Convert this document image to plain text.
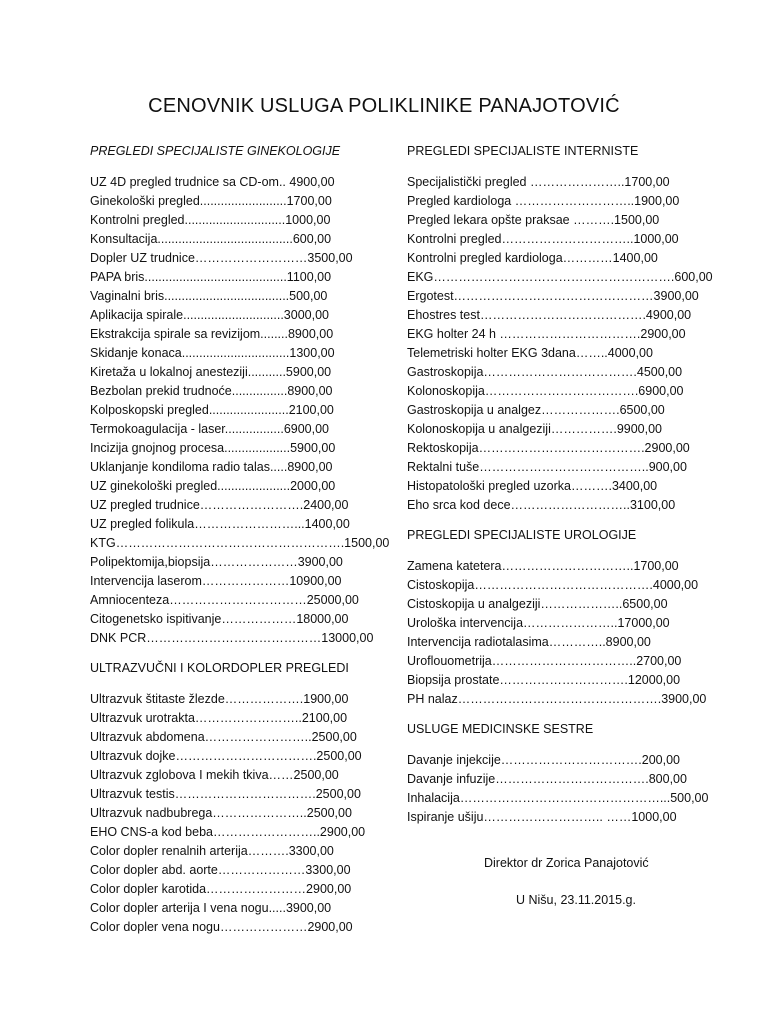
CENOVNIK USLUGA POLIKLINIKE PANAJOTOVIĆ
PREGLEDI SPECIJALISTE GINEKOLOGIJE
UZ 4D pregled trudnice sa CD-om.. 4900,00
Ginekološki pregled.........................1700,00
Kontrolni pregled.............................1000,00
Konsultacija.......................................600,00
Dopler UZ trudnice………………………3500,00
PAPA bris.........................................1100,00
Vaginalni bris....................................500,00
Aplikacija spirale.............................3000,00
Ekstrakcija spirale sa revizijom........8900,00
Skidanje konaca...............................1300,00
Kiretaža u lokalnoj anesteziji...........5900,00
Bezbolan prekid trudnoće................8900,00
Kolposkopski pregled.......................2100,00
Termokoagulacija - laser.................6900,00
Incizija gnojnog procesa...................5900,00
Uklanjanje kondiloma radio talas.....8900,00
UZ ginekološki pregled.....................2000,00
UZ pregled trudnice…………………….2400,00
UZ pregled folikula……………………...1400,00
KTG……………………………………………….1500,00
Polipektomija,biopsija…………………3900,00
Intervencija laserom…………………10900,00
Amniocenteza……………………………25000,00
Citogenetsko ispitivanje………………18000,00
DNK PCR……………………………………13000,00
ULTRAZVUČNI I KOLORDOPLER PREGLEDI
Ultrazvuk štitaste žlezde……………….1900,00
Ultrazvuk urotrakta……………………..2100,00
Ultrazvuk abdomena……………………..2500,00
Ultrazvuk dojke…………………………….2500,00
Ultrazvuk zglobova I mekih tkiva……2500,00
Ultrazvuk testis…………………………….2500,00
Ultrazvuk nadbubrega…………………..2500,00
EHO CNS-a kod beba……………………..2900,00
Color dopler renalnih arterija……….3300,00
Color dopler abd. aorte…………………3300,00
Color dopler karotida……………………2900,00
Color dopler arterija I vena nogu.....3900,00
Color dopler vena nogu…………………2900,00
PREGLEDI SPECIJALISTE INTERNISTE
Specijalistički pregled …………………..1700,00
Pregled kardiologa ………………………..1900,00
Pregled lekara opšte praksae ……….1500,00
Kontrolni pregled…………………………..1000,00
Kontrolni pregled kardiologa…………1400,00
EKG………………………………………………….600,00
Ergotest…………………………………………3900,00
Ehostres test………………………………….4900,00
EKG holter 24 h …………………………….2900,00
Telemetriski holter EKG 3dana……..4000,00
Gastroskopija……………………………….4500,00
Kolonoskopija……………………………….6900,00
Gastroskopija u analgez……………….6500,00
Kolonoskopija u analgeziji…………….9900,00
Rektoskopija………………………………….2900,00
Rektalni tuše…………………………………..900,00
Histopatološki pregled uzorka……….3400,00
Eho srca kod dece………………………..3100,00
PREGLEDI SPECIJALISTE UROLOGIJE
Zamena katetera…………………………..1700,00
Cistoskopija…………………………………….4000,00
Cistoskopija u analgeziji………………..6500,00
Urološka intervencija…………………..17000,00
Intervencija radiotalasima…………..8900,00
Uroflouometrija……………………………..2700,00
Biopsija prostate………………………….12000,00
PH nalaz………………………………………….3900,00
USLUGE MEDICINSKE SESTRE
Davanje injekcije…………………………….200,00
Davanje infuzije……………………………….800,00
Inhalacija…………………………………………...500,00
Ispiranje ušiju……………………….. ……1000,00
Direktor dr Zorica Panajotović
U Nišu, 23.11.2015.g.
